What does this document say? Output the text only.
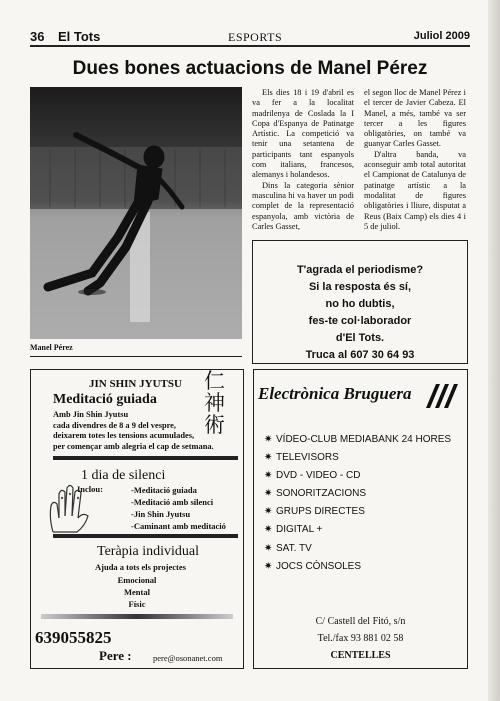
36 El Tots	ESPORTS	Juliol 2009
Dues bones actuacions de Manel Pérez
Manel Pérez

Els dies 18 i 19 d'abril es va fer a la localitat madrilenya de Coslada la I Copa d'Espanya de Patinatge Artístic. La competició va tenir una setantena de participants tant espanyols com italians, francesos, alemanys i holandesos.

Dins la categoria sènior masculina hi va haver un podi complet de la representació espanyola, amb victòria de Carles Gasset,

el segon lloc de Manel Pérez i el tercer de Javier Cabeza. El Manel, a més, també va ser tercer a les figures obligatòries, on també va guanyar Carles Gasset.

D'altra banda, va aconseguir amb total autoritat el Campionat de Catalunya de patinatge artístic a la modalitat de figures obligatòries i lliure, disputat a Reus (Baix Camp) els dies 4 i 5 de juliol.

T'agrada el periodisme?
Si la resposta és sí,
no ho dubtis,
fes-te col·laborador
d'El Tots.
Truca al 607 30 64 93
JIN SHIN JYUTSU
Meditació guiada
仁
神
術
Amb Jin Shin Jyutsu
cada divendres de 8 a 9 del vespre,
deixarem totes les tensions acumulades,
per començar amb alegria el cap de setmana.
1 dia de silenci
Inclou:	-Meditació guiada
-Meditació amb silenci
-Jin Shin Jyutsu
-Caminant amb meditació
Teràpia individual
Ajuda a tots els projectes
Emocional
Mental
Físic
639055825
Pere :	pere@osonanet.com
Electrònica Bruguera
✷ VÍDEO-CLUB MEDIABANK 24 HORES
✷ TELEVISORS
✷ DVD - VIDEO - CD
✷ SONORITZACIONS
✷ GRUPS DIRECTES
✷ DIGITAL +
✷ SAT. TV
✷ JOCS CÒNSOLES
C/ Castell del Fitó, s/n
Tel./fax 93 881 02 58
CENTELLES
